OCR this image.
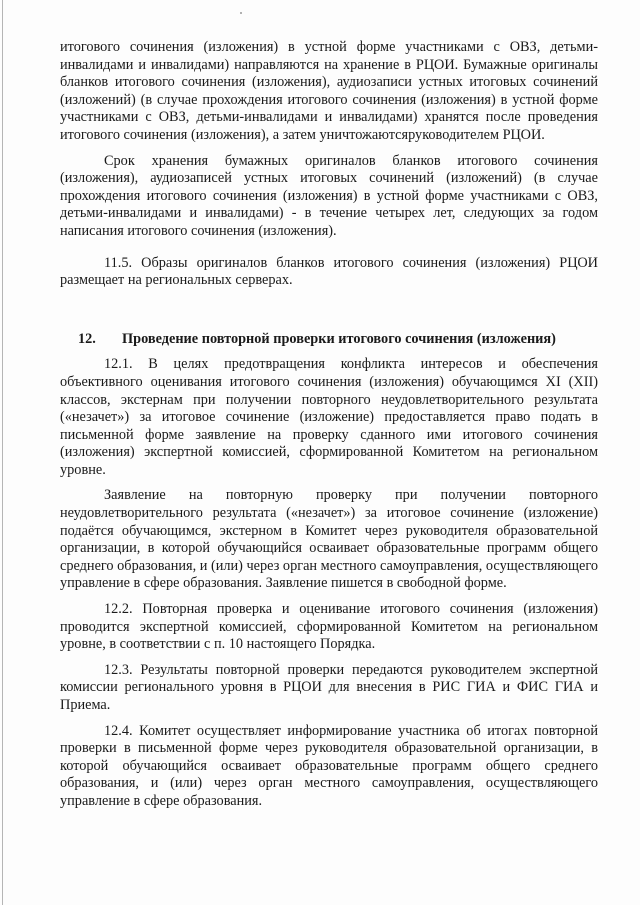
итогового сочинения (изложения) в устной форме участниками с ОВЗ, детьми-инвалидами и инвалидами) направляются на хранение в РЦОИ. Бумажные оригиналы бланков итогового сочинения (изложения), аудиозаписи устных итоговых сочинений (изложений) (в случае прохождения итогового сочинения (изложения) в устной форме участниками с ОВЗ, детьми-инвалидами и инвалидами) хранятся после проведения итогового сочинения (изложения), а затем уничтожаютсяруководителем РЦОИ.

Срок хранения бумажных оригиналов бланков итогового сочинения (изложения), аудиозаписей устных итоговых сочинений (изложений) (в случае прохождения итогового сочинения (изложения) в устной форме участниками с ОВЗ, детьми-инвалидами и инвалидами) - в течение четырех лет, следующих за годом написания итогового сочинения (изложения).

11.5. Образы оригиналов бланков итогового сочинения (изложения) РЦОИ размещает на региональных серверах.

12.	Проведение повторной проверки итогового сочинения (изложения)

12.1. В целях предотвращения конфликта интересов и обеспечения объективного оценивания итогового сочинения (изложения) обучающимся XI (XII) классов, экстернам при получении повторного неудовлетворительного результата («незачет») за итоговое сочинение (изложение) предоставляется право подать в письменной форме заявление на проверку сданного ими итогового сочинения (изложения) экспертной комиссией, сформированной Комитетом на региональном уровне.

Заявление на повторную проверку при получении повторного неудовлетворительного результата («незачет») за итоговое сочинение (изложение) подаётся обучающимся, экстерном в Комитет через руководителя образовательной организации, в которой обучающийся осваивает образовательные программ общего среднего образования, и (или) через орган местного самоуправления, осуществляющего управление в сфере образования. Заявление пишется в свободной форме.

12.2. Повторная проверка и оценивание итогового сочинения (изложения) проводится экспертной комиссией, сформированной Комитетом на региональном уровне, в соответствии с п. 10 настоящего Порядка.

12.3. Результаты повторной проверки передаются руководителем экспертной комиссии регионального уровня в РЦОИ для внесения в РИС ГИА и ФИС ГИА и Приема.

12.4. Комитет осуществляет информирование участника об итогах повторной проверки в письменной форме через руководителя образовательной организации, в которой обучающийся осваивает образовательные программ общего среднего образования, и (или) через орган местного самоуправления, осуществляющего управление в сфере образования.
